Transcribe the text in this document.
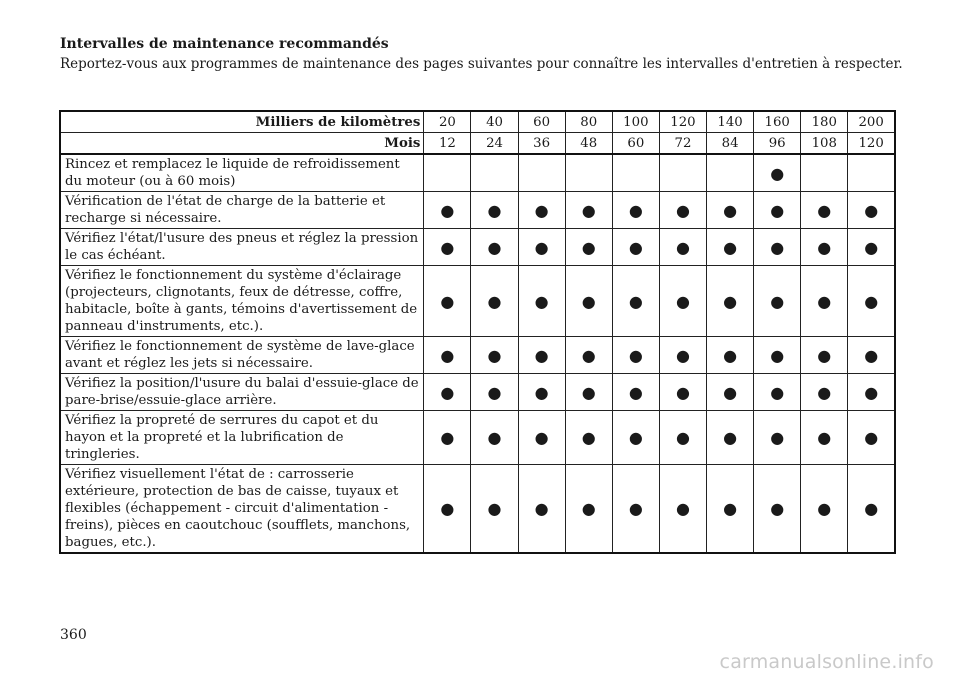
Intervalles de maintenance recommandés
Reportez-vous aux programmes de maintenance des pages suivantes pour connaître les intervalles d'entretien à respecter.
Milliers de kilomètres	20	40	60	80	100	120	140	160	180	200
Mois	12	24	36	48	60	72	84	96	108	120
Rincez et remplacez le liquide de refroidissement du moteur (ou à 60 mois)								●		
Vérification de l'état de charge de la batterie et recharge si nécessaire.	●	●	●	●	●	●	●	●	●	●
Vérifiez l'état/l'usure des pneus et réglez la pression le cas échéant.	●	●	●	●	●	●	●	●	●	●
Vérifiez le fonctionnement du système d'éclairage (projecteurs, clignotants, feux de détresse, coffre, habitacle, boîte à gants, témoins d'avertissement de panneau d'instruments, etc.).	●	●	●	●	●	●	●	●	●	●
Vérifiez le fonctionnement de système de lave-glace avant et réglez les jets si nécessaire.	●	●	●	●	●	●	●	●	●	●
Vérifiez la position/l'usure du balai d'essuie-glace de pare-brise/essuie-glace arrière.	●	●	●	●	●	●	●	●	●	●
Vérifiez la propreté de serrures du capot et du hayon et la propreté et la lubrification de tringleries.	●	●	●	●	●	●	●	●	●	●
Vérifiez visuellement l'état de : carrosserie extérieure, protection de bas de caisse, tuyaux et flexibles (échappement - circuit d'alimentation - freins), pièces en caoutchouc (soufflets, manchons, bagues, etc.).	●	●	●	●	●	●	●	●	●	●
360
carmanualsonline.info
